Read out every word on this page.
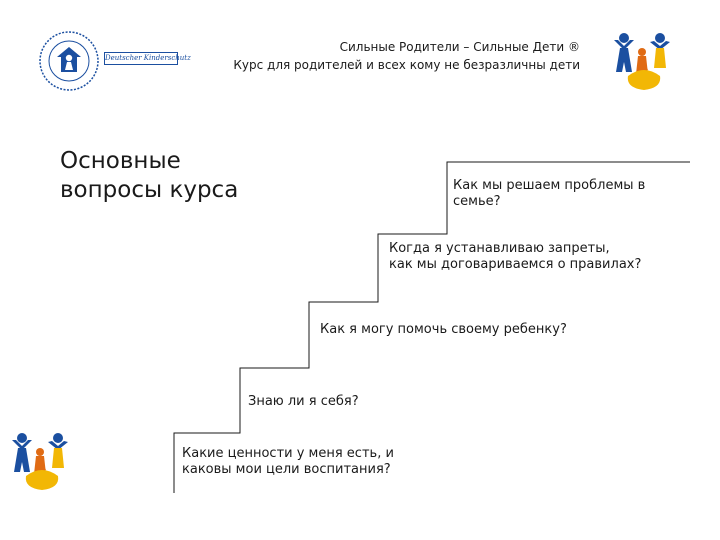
Deutscher Kinderschutz
Сильные Родители – Сильные Дети ®
Курс для родителей и всех кому не безразличны дети
Основные
вопросы курса	Как мы решаем проблемы в
семье?
Когда я устанавливаю запреты,
как мы договариваемся о правилах?
Как я могу помочь своему ребенку?
Знаю ли я себя?
Какие ценности у меня есть, и
каковы мои цели воспитания?
